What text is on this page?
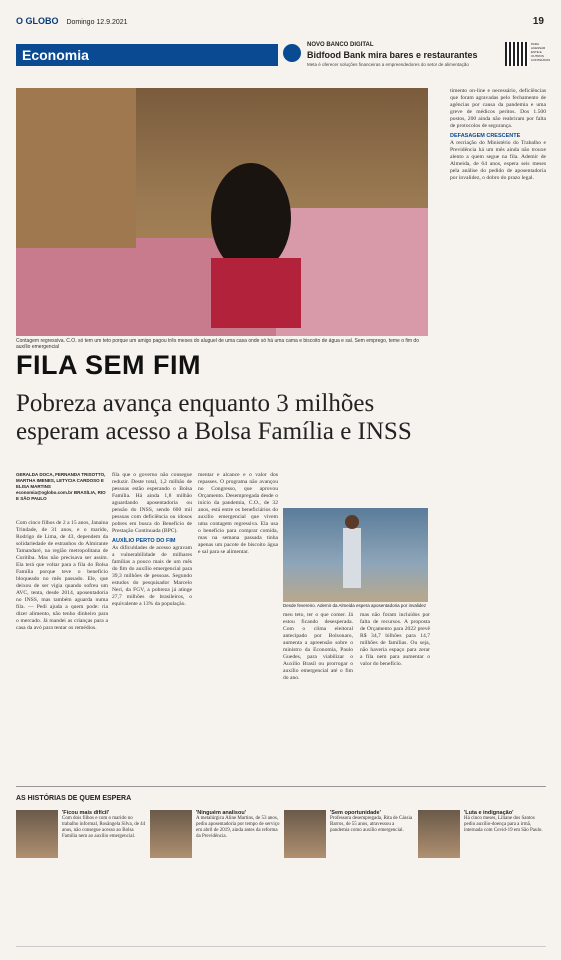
O GLOBO Domingo 12.9.2021	19
Economia
NOVO BANCO DIGITAL
Bidfood Bank mira bares e restaurantes
Meta é oferecer soluções financeiras a empreendedores do setor de alimentação
PARA ACESSAR ESTE E OUTROS CONTEÚDOS
Contagem regressiva. C.O. só tem um teto porque um amigo pagou três meses do aluguel de uma casa onde só há uma cama e biscoito de água e sal. Sem emprego, teme o fim do auxílio emergencial
FILA SEM FIM
Pobreza avança enquanto 3 milhões esperam acesso a Bolsa Família e INSS
GERALDA DOCA, FERNANDA TRISOTTO, MARTHA IMENES, LETYCIA CARDOSO E ELISA MARTINS economia@oglobo.com.br BRASÍLIA, RIO E SÃO PAULO

Com cinco filhos de 2 a 15 anos, Janaina Trindade, de 31 anos, e o marido, Rodrigo de Lima, de 43, dependem da solidariedade de estranhos do Almirante Tamandaré, na região metropolitana de Curitiba. Mas não precisava ser assim. Ela terá que voltar para a fila do Bolsa Família porque teve o benefício bloqueado no mês passado. Ele, que deixou de ser vigia quando sofreu um AVC, tenta, desde 2014, aposentadoria no INSS, mas também aguarda numa fila. — Pedi ajuda a quem pode: ria dizer alimento, não tenho dinheiro para o mercado. Já mandei as crianças para a casa da avó para tentar os remédios.

fila que o governo não consegue reduzir. Deste total, 1,2 milhão de pessoas estão esperando o Bolsa Família. Há ainda 1,8 milhão aguardando aposentadoria ou pensão do INSS, sendo 600 mil pessoas com deficiência ou idosos pobres em busca do Benefício de Prestação Continuada (BPC).

AUXÍLIO PERTO DO FIM

As dificuldades de acesso agravam a vulnerabilidade de milhares famílias a pouco mais de um mês do fim do auxílio emergencial para 39,3 milhões de pessoas. Segundo estudos do pesquisador Marcelo Neri, da FGV, a pobreza já atinge 27,7 milhões de brasileiros, o equivalente a 13% da população.

mentar e alcance e o valor dos repasses. O programa não avançou no Congresso, que aprovou Orçamento. Desempregada desde o início da pandemia, C.O., de 32 anos, está entre os beneficiários do auxílio emergencial que vivem uma contagem regressiva. Ela usa o benefício para comprar comida, mas na semana passada tinha apenas um pacote de biscoito água e sal para se alimentar.

Desde fevereiro. Ademir da Almeida espera aposentadoria por invalidez

meu teto, ter o que comer. Já estou ficando desesperada. Com o clima eleitoral antecipado por Bolsonaro, aumenta a apreensão sobre o ministro da Economia, Paulo Guedes, para viabilizar o Auxílio Brasil ou prorrogar o auxílio emergencial até o fim do ano.

mas não foram incluídos por falta de recursos. A proposta de Orçamento para 2022 prevê R$ 34,7 bilhões para 14,7 milhões de famílias. Ou seja, não haveria espaço para zerar a fila nem para aumentar o valor do benefício.

timento on-line e necessário, deficiências que foram agravadas pelo fechamento de agências por causa da pandemia e uma greve de médicos peritos. Dos 1.500 postos, 200 ainda não reabriram por falta de protocolos de segurança.

DEFASAGEM CRESCENTE

A recriação do Ministério do Trabalho e Previdência há um mês ainda não trouxe alento a quem segue na fila. Ademir de Almeida, de 64 anos, espera seis meses pela análise do pedido de aposentadoria por invalidez, o dobro do prazo legal.

AS HISTÓRIAS DE QUEM ESPERA
'Ficou mais difícil'
Com dois filhos e com o marido no trabalho informal, Rosângela Silva, de 44 anos, não consegue acesso ao Bolsa Família nem ao auxílio emergencial.
'Ninguém analisou'
A metalúrgica Aline Martins, de 53 anos, pediu aposentadoria por tempo de serviço em abril de 2019, ainda antes da reforma da Previdência.
'Sem oportunidade'
Professora desempregada, Rita de Cássia Barros, de 55 anos, atravessou a pandemia como auxílio emergencial.
'Luta e indignação'
Há cinco meses, Liliane dos Santos pediu auxílio-doença para a irmã, internada com Covid-19 em São Paulo.
